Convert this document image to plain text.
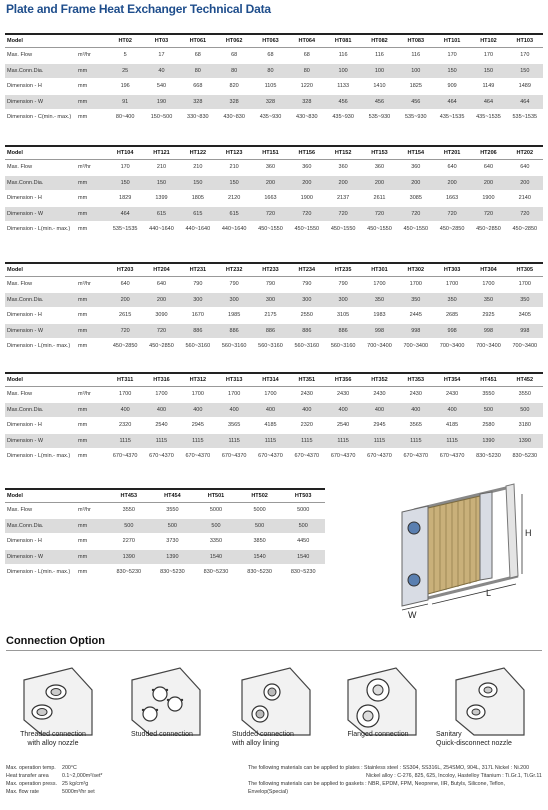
Plate and Frame Heat Exchanger Technical Data
Model		HT02	HT03	HT061	HT062	HT063	HT064	HT081	HT082	HT083	HT101	HT102	HT103
Max. Flow	m³/hr	5	17	68	68	68	68	116	116	116	170	170	170
Max.Conn.Dia.	mm	25	40	80	80	80	80	100	100	100	150	150	150
Dimension - H	mm	196	540	668	820	1105	1220	1133	1410	1825	909	1149	1489
Dimension - W	mm	91	190	328	328	328	328	456	456	456	464	464	464
Dimension - C(min.- max.)	mm	80~400	150~500	330~830	430~830	435~930	430~830	435~930	535~930	535~930	435~1535	435~1535	535~1535
Model		HT104	HT121	HT122	HT123	HT151	HT156	HT152	HT153	HT154	HT201	HT206	HT202
Max. Flow	m³/hr	170	210	210	210	360	360	360	360	360	640	640	640
Max.Conn.Dia.	mm	150	150	150	150	200	200	200	200	200	200	200	200
Dimension - H	mm	1829	1399	1805	2120	1663	1900	2137	2611	3085	1663	1900	2140
Dimension - W	mm	464	615	615	615	720	720	720	720	720	720	720	720
Dimension - L(min.- max.)	mm	535~1535	440~1640	440~1640	440~1640	450~1550	450~1550	450~1550	450~1550	450~1550	450~2850	450~2850	450~2850
Model		HT203	HT204	HT231	HT232	HT233	HT234	HT235	HT301	HT302	HT303	HT304	HT305
Max. Flow	m³/hr	640	640	790	790	790	790	790	1700	1700	1700	1700	1700
Max.Conn.Dia.	mm	200	200	300	300	300	300	300	350	350	350	350	350
Dimension - H	mm	2615	3090	1670	1985	2175	2550	3105	1983	2445	2685	2925	3405
Dimension - W	mm	720	720	886	886	886	886	886	998	998	998	998	998
Dimension - L(min.- max.)	mm	450~2850	450~2850	560~3160	560~3160	560~3160	560~3160	560~3160	700~3400	700~3400	700~3400	700~3400	700~3400
Model		HT311	HT316	HT312	HT313	HT314	HT351	HT356	HT352	HT353	HT354	HT451	HT452
Max. Flow	m³/hr	1700	1700	1700	1700	1700	2430	2430	2430	2430	2430	3550	3550
Max.Conn.Dia.	mm	400	400	400	400	400	400	400	400	400	400	500	500
Dimension - H	mm	2320	2540	2945	3565	4185	2320	2540	2945	3565	4185	2580	3180
Dimension - W	mm	1115	1115	1115	1115	1115	1115	1115	1115	1115	1115	1390	1390
Dimension - L(min.- max.)	mm	670~4370	670~4370	670~4370	670~4370	670~4370	670~4370	670~4370	670~4370	670~4370	670~4370	830~5230	830~5230
Model		HT453	HT454	HT501	HT502	HT503
Max. Flow	m³/hr	3550	3550	5000	5000	5000
Max.Conn.Dia.	mm	500	500	500	500	500
Dimension - H	mm	2270	3730	3350	3850	4450
Dimension - W	mm	1390	1390	1540	1540	1540
Dimension - L(min.- max.)	mm	830~5230	830~5230	830~5230	830~5230	830~5230
H
W
L
Connection Option
Threaded connection
with alloy nozzle
Studded connection	Studded connection
with alloy lining
Flanged connection	Sanitary
Quick-disconnect nozzle
Max. operation temp. 200°C
Heat transfer area	0.1~2,000m²/set*
Max. operation press. 25 kg/cm²g
Max. flow rate	5000m³/hr set
The following materials can be applied to plates : Stainless steel : SS304, SS316L, 254SMO, 904L, 317L Nickel : Ni.200
Nickel alloy : C-276, 825, 625, Incoloy, Hastelloy Titanium : Ti.Gr.1, Ti.Gr.11
The following materials can be applied to gaskets : NBR, EPDM, FPM, Neoprene, IIR, Butyls, Silicone, Teflon, Envelop(Special)
